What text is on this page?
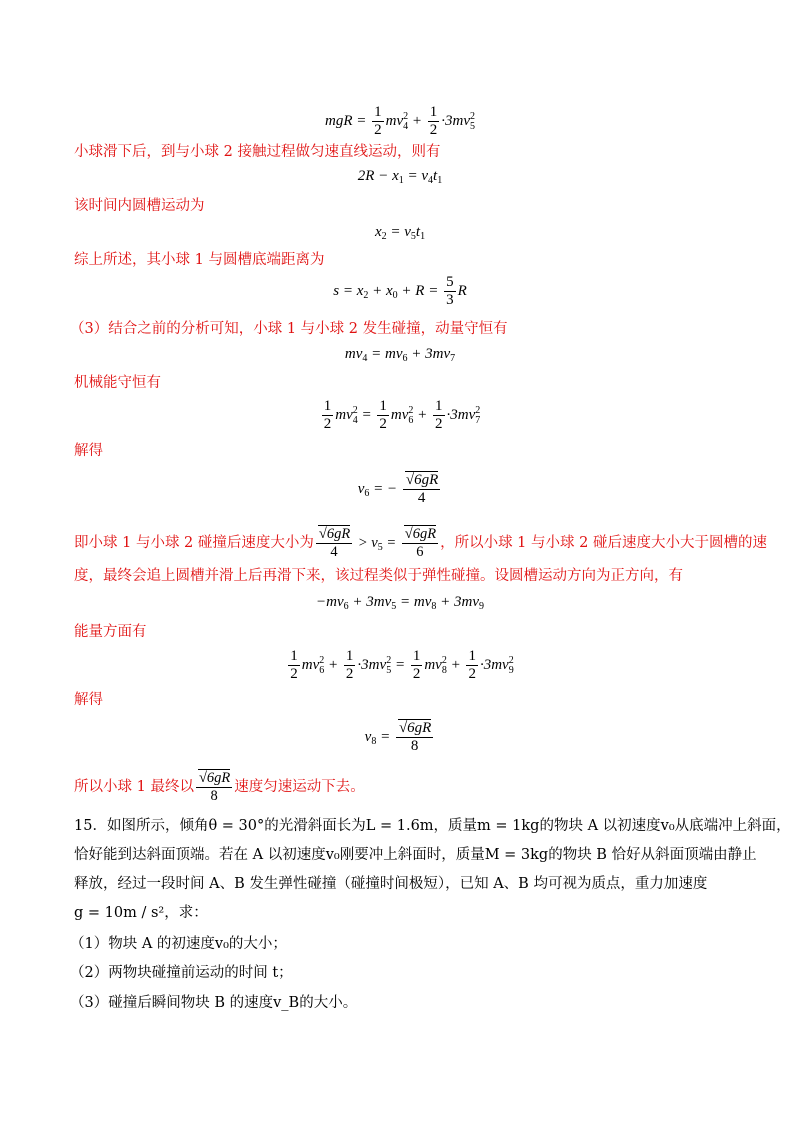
mgR = $\frac{1}{2}$ mv 2
$4 + \frac{1}{2} \cdot 3mv$ 2
5
小球滑下后，到与小球 2 接触过程做匀速直线运动，则有
$2R - x_1 = v_4t_1$
该时间内圆槽运动为
$x_2 = v_5t_1$
综上所述，其小球 1 与圆槽底端距离为
$s = x_2 + x_0 + R = \frac{5}{3}$ R
（3）结合之前的分析可知，小球 1 与小球 2 发生碰撞，动量守恒有
$mv_4 = mv_6 + 3mv_7$
机械能守恒有
$\frac{1}{2}$ mv 2
$4 = \frac{1}{2}$ mv 2
$6 + \frac{1}{2} \cdot 3mv$ 2
7
解得
$v_6$ = − $\frac{√6gR}{4}$
即小球 1 与小球 2 碰撞后速度大小为 $\frac{√6gR}{4} > v_5 = \frac{√6gR}{6}$ ，所以小球 1 与小球 2 碰后速度大小大于圆槽的速
度，最终会追上圆槽并滑上后再滑下来，该过程类似于弹性碰撞。设圆槽运动方向为正方向，有
$-mv_6 + 3mv_5 = mv_8 + 3mv_9$
能量方面有
$\frac{1}{2}$ mv 2
$6 + \frac{1}{2} \cdot 3mv$ 2
$5 = \frac{1}{2}$ mv 2
$8 + \frac{1}{2} \cdot 3mv$ 2
9
解得
$v_8 = \frac{√6gR}{8}$
所以小球 1 最终以 $\frac{√6gR}{8}$ 速度匀速运动下去。
15．如图所示，倾角θ = 30°的光滑斜面长为L = 1.6m，质量m = 1kg的物块 A 以初速度v₀从底端冲上斜面，
恰好能到达斜面顶端。若在 A 以初速度v₀刚要冲上斜面时，质量M = 3kg的物块 B 恰好从斜面顶端由静止
释放，经过一段时间 A、B 发生弹性碰撞（碰撞时间极短），已知 A、B 均可视为质点，重力加速度
g = 10m / s²，求：
（1）物块 A 的初速度v₀的大小；
（2）两物块碰撞前运动的时间 t；
（3）碰撞后瞬间物块 B 的速度v_B的大小。
